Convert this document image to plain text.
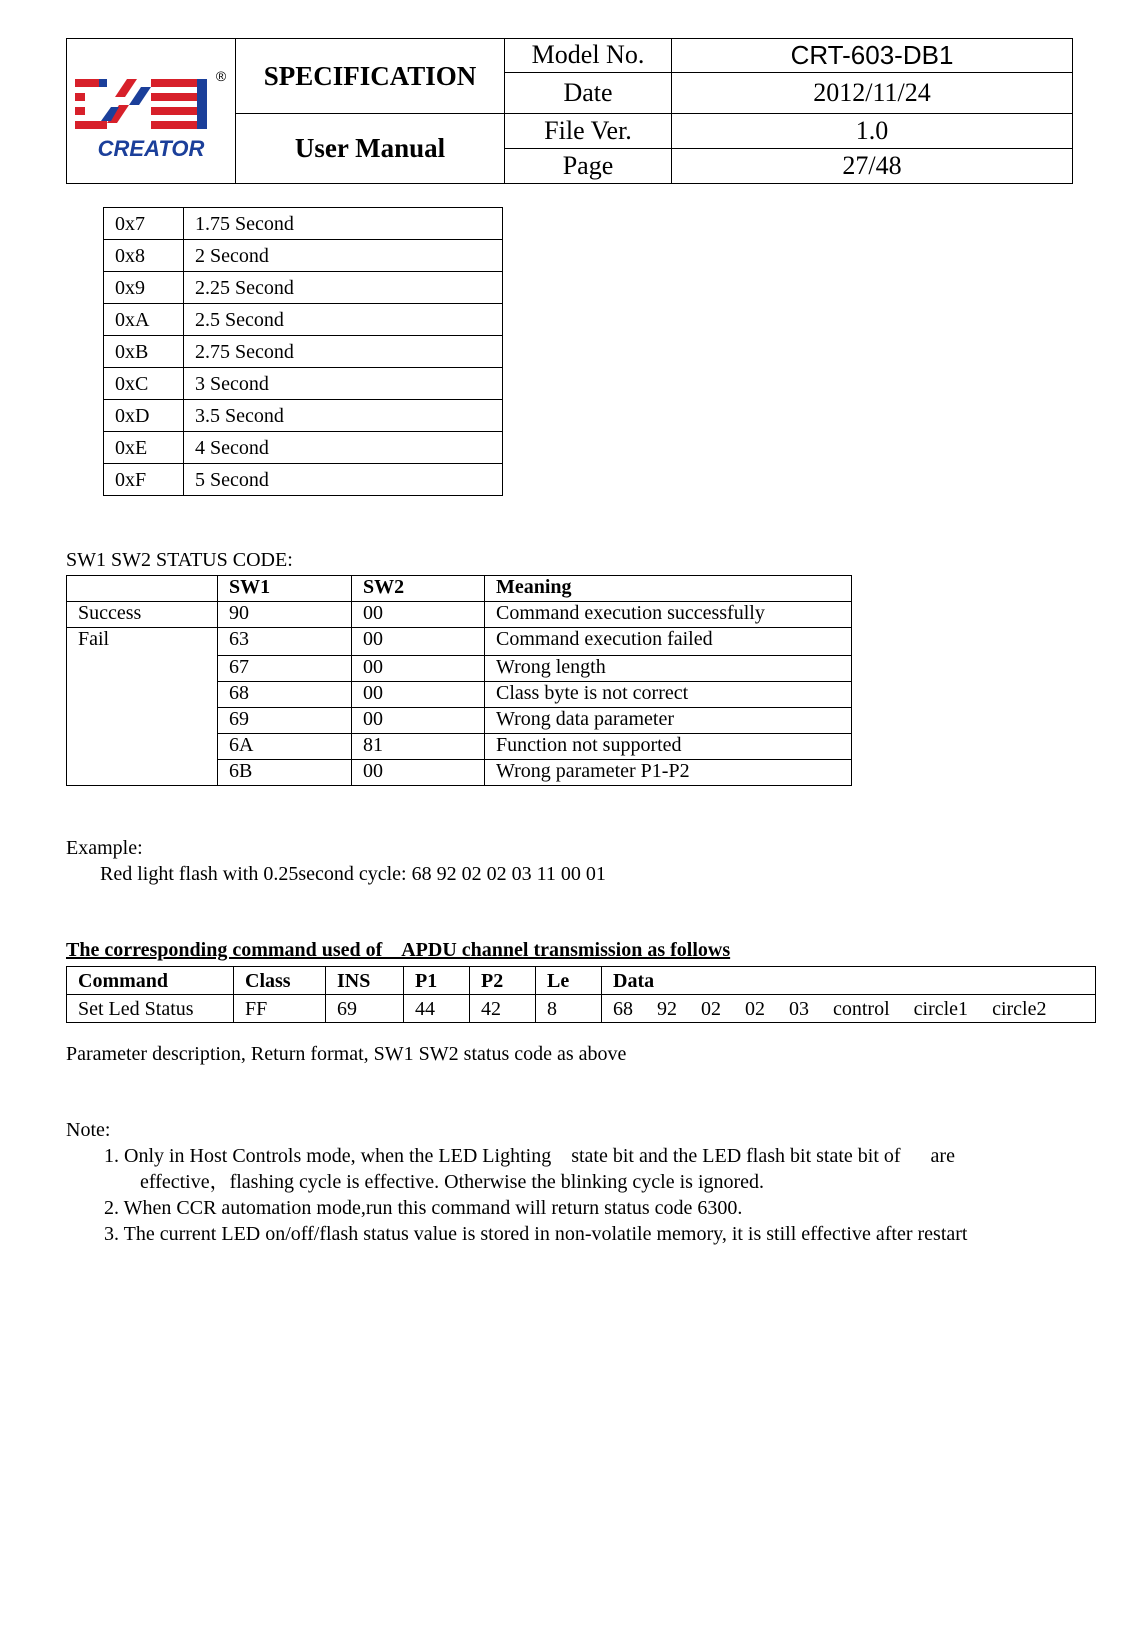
CREATOR
®	SPECIFICATION	Model No.	CRT-603-DB1
		Date	2012/11/24
	User Manual	File Ver.	1.0
		Page	27/48
0x7	1.75 Second
0x8	2 Second
0x9	2.25 Second
0xA	2.5 Second
0xB	2.75 Second
0xC	3 Second
0xD	3.5 Second
0xE	4 Second
0xF	5 Second
SW1 SW2 STATUS CODE:
	SW1	SW2	Meaning
Success	90	00	Command execution successfully
Fail	63	00	Command execution failed
	67	00	Wrong length
	68	00	Class byte is not correct
	69	00	Wrong data parameter
	6A	81	Function not supported
	6B	00	Wrong parameter P1-P2
Example:
Red light flash with 0.25second cycle: 68 92 02 02 03 11 00 01
The corresponding command used of    APDU channel transmission as follows
Command	Class	INS	P1	P2	Le	Data
Set Led Status	FF	69	44	42	8	68 92 02 02 03 control circle1 circle2
Parameter description, Return format, SW1 SW2 status code as above
Note:
1. Only in Host Controls mode, when the LED Lighting    state bit and the LED flash bit state bit of      are
effective，flashing cycle is effective. Otherwise the blinking cycle is ignored.
2. When CCR automation mode,run this command will return status code 6300.
3. The current LED on/off/flash status value is stored in non-volatile memory, it is still effective after restart
